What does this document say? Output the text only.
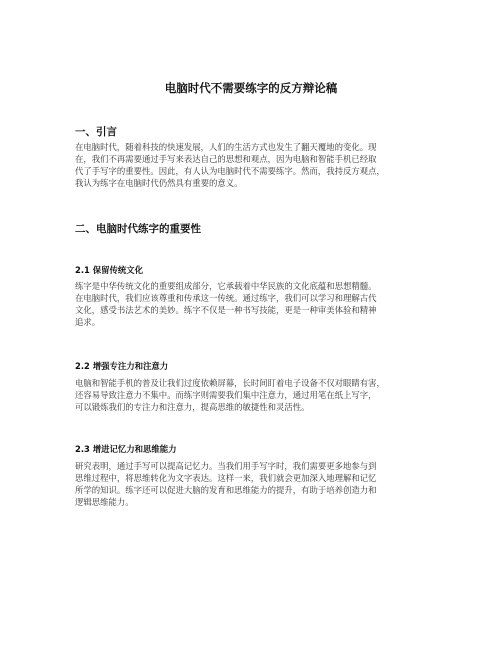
电脑时代不需要练字的反方辩论稿
一、引言

在电脑时代，随着科技的快速发展，人们的生活方式也发生了翻天覆地的变化。现
在，我们不再需要通过手写来表达自己的思想和观点，因为电脑和智能手机已经取
代了手写字的重要性。因此，有人认为电脑时代不需要练字。然而，我持反方观点，
我认为练字在电脑时代仍然具有重要的意义。

二、电脑时代练字的重要性
2.1 保留传统文化

练字是中华传统文化的重要组成部分，它承载着中华民族的文化底蕴和思想精髓。
在电脑时代，我们应该尊重和传承这一传统。通过练字，我们可以学习和理解古代
文化，感受书法艺术的美妙。练字不仅是一种书写技能，更是一种审美体验和精神
追求。

2.2 增强专注力和注意力

电脑和智能手机的普及让我们过度依赖屏幕，长时间盯着电子设备不仅对眼睛有害，
还容易导致注意力不集中。而练字则需要我们集中注意力，通过用笔在纸上写字，
可以锻炼我们的专注力和注意力，提高思维的敏捷性和灵活性。

2.3 增进记忆力和思维能力

研究表明，通过手写可以提高记忆力。当我们用手写字时，我们需要更多地参与到
思维过程中，将思维转化为文字表达。这样一来，我们就会更加深入地理解和记忆
所学的知识。练字还可以促进大脑的发育和思维能力的提升，有助于培养创造力和
逻辑思维能力。
